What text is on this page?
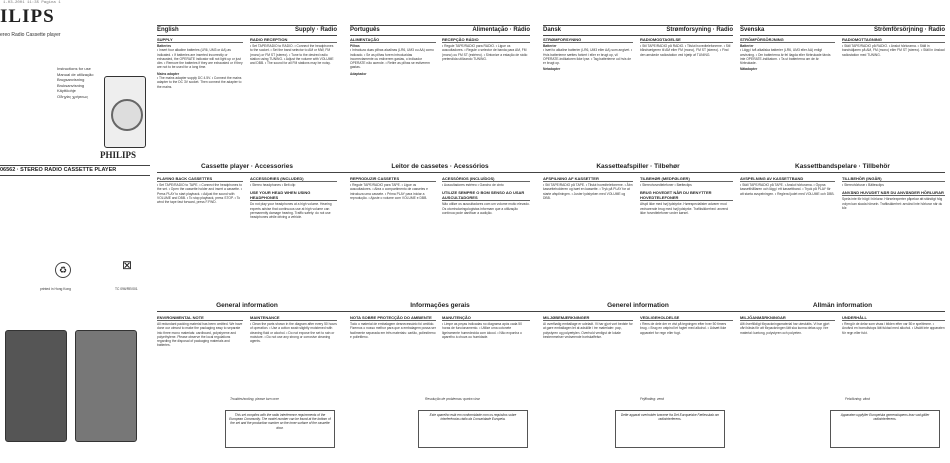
1-03-2001 11:35 Pagina 1
ILIPS
ereo Radio Cassette player
Instructions for use
Manual de utilização
Brugsanvisning
Bruksanvisning
Käyttöohje
Οδηγίες χρήσεως
06562 · STEREO RADIO CASSETTE PLAYER
PHILIPS
♻	⊠
printed in Hong Kong	TC 096/RE/001
English	Supply · Radio Português	Alimentação · Rádio Dansk	Strømforsyning · Radio Svenska	Strömförsörjning · Radio
SUPPLY
Batteries
• Insert four alkaline batteries (LR6, UM3 or AA) as indicated. • If batteries are inserted incorrectly or exhausted, the OPERATE indicator will not light up or just dim. • Remove the batteries if they are exhausted or if they are not to be used for a long time.
Mains adapter
• The mains adapter supply DC 4.5V. • Connect the mains adapter to the DC 3V socket. Then connect the adapter to the mains.
RADIO RECEPTION
• Set TAPE/RADIO to RADIO. • Connect the headphones to the socket. • Set the band selector to AM or MW, FM (mono) or FM ST (stereo). • Tune to the desired radio station using TUNING. • Adjust the volume with VOLUME and DBB. • The sound for all FM stations may be noisy.
ALIMENTAÇÃO
Pilhas
• Introduza duas pilhas alcalinas (LR6, UM3 ou AA) como indicado. • Se as pilhas forem introduzidas incorrectamente ou estiverem gastas, o indicador OPERATE não acende. • Retire as pilhas se estiverem gastas.
Adaptador
RECEPÇÃO RÁDIO
• Regule TAPE/RADIO para RADIO. • Ligue os auscultadores. • Regule o selector de banda para AM, FM (mono) ou FM ST (estéreo). • Sintonize a estação de rádio pretendida utilizando TUNING.
STRØMFORSYNING
Batterier
• Isæt to alkaline batterier (LR6, UM3 eller AA) som angivet. • Hvis batterierne sættes forkert i eller er brugt op, vil OPERATE-indikatoren ikke lyse. • Tag batterierne ud hvis de er brugt op.
Netadapter
RADIOMODTAGELSE
• Stil TAPE/RADIO på RADIO. • Tilslut hovedtelefonerne. • Stil båndvælgeren til AM eller FM (mono), FM ST (stereo). • Find den ønskede radiostation ved hjælp af TUNING.
STRÖMFÖRSÖRJNING
Batterier
• Lägg i två alkaliska batterier (LR6, UM3 eller AA) enligt anvisning. • Om batterierna är fel ilagda eller förbrukade tänds inte OPERATE-indikatorn. • Ta ut batterierna om de är förbrukade.
Nätadapter
RADIOMOTTAGNING
• Ställ TAPE/RADIO på RADIO. • Anslut hörlurarna. • Ställ in bandväljaren på AM, FM (mono) eller FM ST (stereo). • Ställ in önskad radiostation med TUNING.
Cassette player · Accessories	Leitor de cassetes · Acessórios	Kassetteafspiller · Tilbehør	Kassettbandspelare · Tillbehör
PLAYING BACK CASSETTES
• Set TAPE/RADIO to TAPE. • Connect the headphones to the set. • Open the cassette holder and insert a cassette. • Press PLAY to start playback. • Adjust the sound with VOLUME and DBB. • To stop playback, press STOP. • To wind the tape fast forward, press F.FWD.
ACCESSORIES (INCLUDED)
• Stereo headphones • Belt clip
USE YOUR HEAD WHEN USING HEADPHONES
Do not play your headphones at a high volume. Hearing experts advise that continuous use at high volume can permanently damage hearing. Traffic safety: do not use headphones while driving a vehicle.
REPRODUZIR CASSETES
• Regule TAPE/RADIO para TAPE. • Ligue os auscultadores. • Abra o compartimento de cassetes e introduza uma cassete. • Prima PLAY para iniciar a reprodução. • Ajuste o volume com VOLUME e DBB.
ACESSÓRIOS (INCLUÍDOS)
• Auscultadores estéreo • Gancho de cinto
UTILIZE SEMPRE O BOM SENSO AO USAR AUSCULTADORES
Não utilize os auscultadores com um volume muito elevado. Os otorrinolaringologistas informam que a utilização contínua pode danificar a audição.
AFSPILNING AF KASSETTER
• Stil TAPE/RADIO på TAPE. • Tilslut hovedtelefonerne. • Åbn kassetteholderen og isæt en kassette. • Tryk på PLAY for at starte afspilningen. • Juster lydstyrken med VOLUME og DBB.
TILBEHØR (MEDFØLGER)
• Stereohovedtelefoner • Bælteclips
BRUG HOVEDET NÅR DU BENYTTER HOVEDTELEFONER
Afspil ikke med høj lydstyrke. Hørespecialister advarer mod vedvarende brug med høj lydstyrke. Trafiksikkerhed: anvend ikke hovedtelefoner under kørsel.
AVSPELNING AV KASSETTBAND
• Ställ TAPE/RADIO på TAPE. • Anslut hörlurarna. • Öppna kassetthållaren och lägg i ett kassettband. • Tryck på PLAY för att starta avspelningen. • Reglera ljudet med VOLUME och DBB.
TILLBEHÖR (INGÅR)
• Stereohörlurar • Bältesclips
ANVÄND HUVUDET NÄR DU ANVÄNDER HÖRLURAR
Spela inte för högt i hörlurar. Hörselexperter påpekar att ständigt hög volym kan skada hörseln. Trafiksäkerhet: använd inte hörlurar när du kör.
General information	Informações gerais	Generel information	Allmän information
ENVIRONMENTAL NOTE
All redundant packing material has been omitted. We have done our utmost to make the packaging easy to separate into three mono materials: cardboard, polystyrene and polyethylene. Please observe the local regulations regarding the disposal of packaging materials and batteries.
MAINTENANCE
• Clean the parts shown in the diagram after every 50 hours of operation. • Use a cotton swab slightly moistened with cleaning fluid or alcohol. • Do not expose the set to rain or moisture. • Do not use any strong or corrosive cleaning agents.
NOTA SOBRE PROTECÇÃO DO AMBIENTE
Todo o material de embalagem desnecessário foi omitido. Fizemos o nosso melhor para que a embalagem possa ser facilmente separada em três materiais: cartão, poliestireno e polietileno.
MANUTENÇÃO
• Limpe as peças indicadas no diagrama após cada 50 horas de funcionamento. • Utilize uma cotonete ligeiramente humedecida com álcool. • Não exponha o aparelho à chuva ou humidade.
MILJØBEMÆRKNINGER
Al overflødig emballage er udeladt. Vi har gjort vort bedste for at gøre emballagen let at adskille i tre materialer: pap, polystyren og polyætylen. Overhold venligst de lokale bestemmelser vedrørende bortskaffelse.
VEDLIGEHOLDELSE
• Rens de dele der er vist på tegningen efter hver 50 timers brug. • Brug en vatpind let fugtet med alkohol. • Udsæt ikke apparatet for regn eller fugt.
MILJÖANMÄRKNINGAR
Allt överflödigt förpackningsmaterial har uteslutits. Vi har gjort vårt bästa för att förpackningen lätt ska kunna delas upp i tre material: kartong, polystyren och polyeten.
UNDERHÅLL
• Rengör de delar som visas i bilden efter var 50:e speltimme. • Använd en bomullstops lätt fuktad med alkohol. • Utsätt inte apparaten för regn eller fukt.
Troubleshooting, please turn over
This set complies with the radio interference requirements of the European Community. The model number can be found at the bottom of the set and the production number on the inner surface of the cassette door.
Resolução de problemas: queira virar
Este aparelho está em conformidade com os requisitos sobre interferências rádio da Comunidade Europeia.
Fejlfinding: vend
Dette apparat overholder kravene fra Det Europæiske Fællesskab om radiointerferens.
Felsökning: vänd
Apparaten uppfyller Europeiska gemenskapens krav vad gäller radiointerferens.
